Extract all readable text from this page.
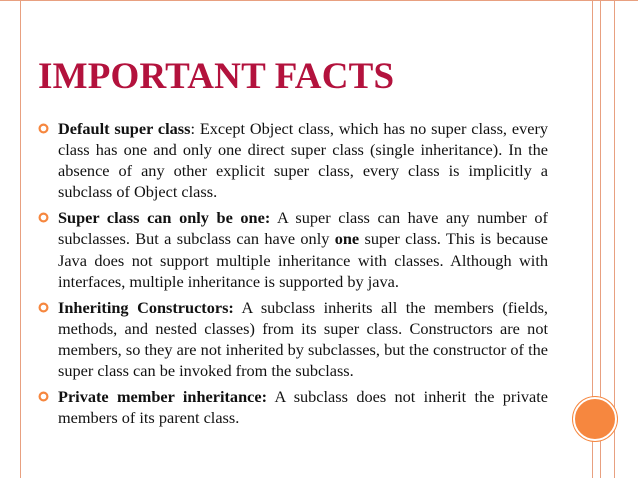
IMPORTANT FACTS
Default super class: Except Object class, which has no super class, every class has one and only one direct super class (single inheritance). In the absence of any other explicit super class, every class is implicitly a subclass of Object class.
Super class can only be one: A super class can have any number of subclasses. But a subclass can have only one super class. This is because Java does not support multiple inheritance with classes. Although with interfaces, multiple inheritance is supported by java.
Inheriting Constructors: A subclass inherits all the members (fields, methods, and nested classes) from its super class. Constructors are not members, so they are not inherited by subclasses, but the constructor of the super class can be invoked from the subclass.
Private member inheritance: A subclass does not inherit the private members of its parent class.
